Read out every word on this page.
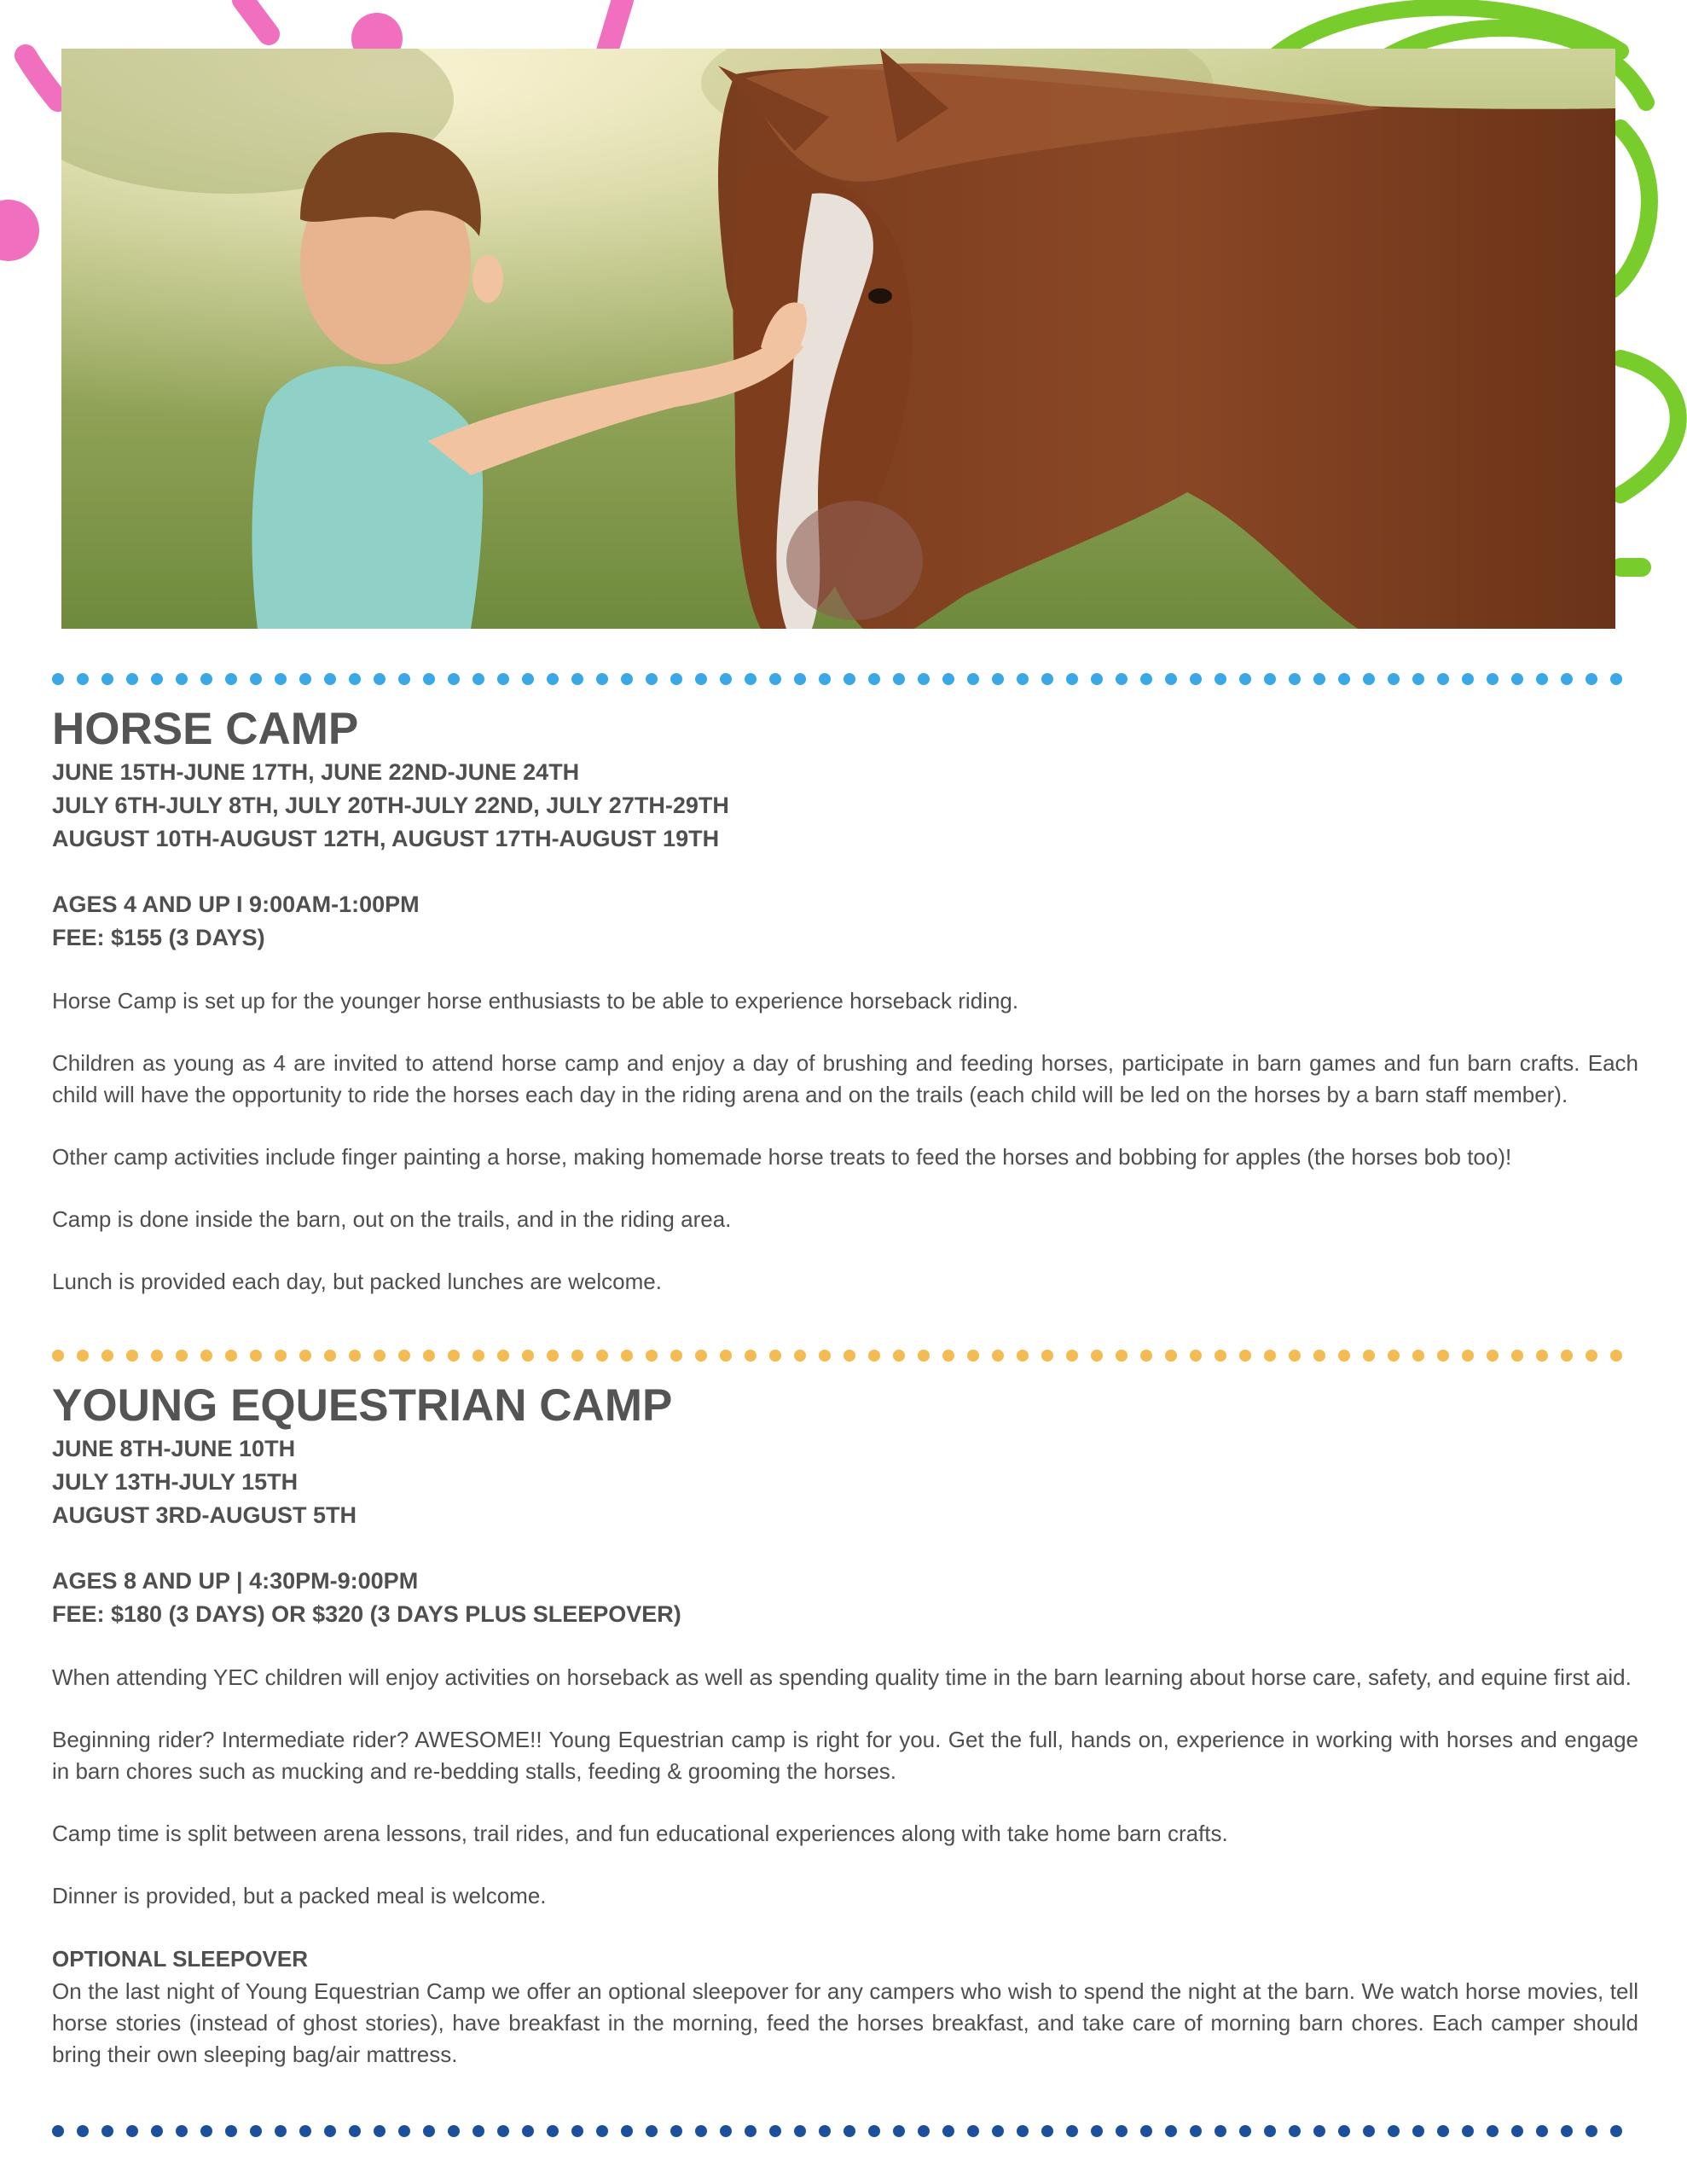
HORSE CAMP

JUNE 15TH-JUNE 17TH, JUNE 22ND-JUNE 24TH

JULY 6TH-JULY 8TH, JULY 20TH-JULY 22ND, JULY 27TH-29TH

AUGUST 10TH-AUGUST 12TH, AUGUST 17TH-AUGUST 19TH

AGES 4 AND UP I 9:00AM-1:00PM

FEE: $155 (3 DAYS)

Horse Camp is set up for the younger horse enthusiasts to be able to experience horseback riding.

Children as young as 4 are invited to attend horse camp and enjoy a day of brushing and feeding horses, participate in barn games and fun barn crafts. Each child will have the opportunity to ride the horses each day in the riding arena and on the trails (each child will be led on the horses by a barn staff member).

Other camp activities include finger painting a horse, making homemade horse treats to feed the horses and bobbing for apples (the horses bob too)!

Camp is done inside the barn, out on the trails, and in the riding area.

Lunch is provided each day, but packed lunches are welcome.

YOUNG EQUESTRIAN CAMP

JUNE 8TH-JUNE 10TH

JULY 13TH-JULY 15TH

AUGUST 3RD-AUGUST 5TH

AGES 8 AND UP | 4:30PM-9:00PM

FEE: $180 (3 DAYS) OR $320 (3 DAYS PLUS SLEEPOVER)

When attending YEC children will enjoy activities on horseback as well as spending quality time in the barn learning about horse care, safety, and equine first aid.

Beginning rider? Intermediate rider? AWESOME!! Young Equestrian camp is right for you. Get the full, hands on, experience in working with horses and engage in barn chores such as mucking and re-bedding stalls, feeding & grooming the horses.

Camp time is split between arena lessons, trail rides, and fun educational experiences along with take home barn crafts.

Dinner is provided, but a packed meal is welcome.

OPTIONAL SLEEPOVER

On the last night of Young Equestrian Camp we offer an optional sleepover for any campers who wish to spend the night at the barn. We watch horse movies, tell horse stories (instead of ghost stories), have breakfast in the morning, feed the horses breakfast, and take care of morning barn chores. Each camper should bring their own sleeping bag/air mattress.
